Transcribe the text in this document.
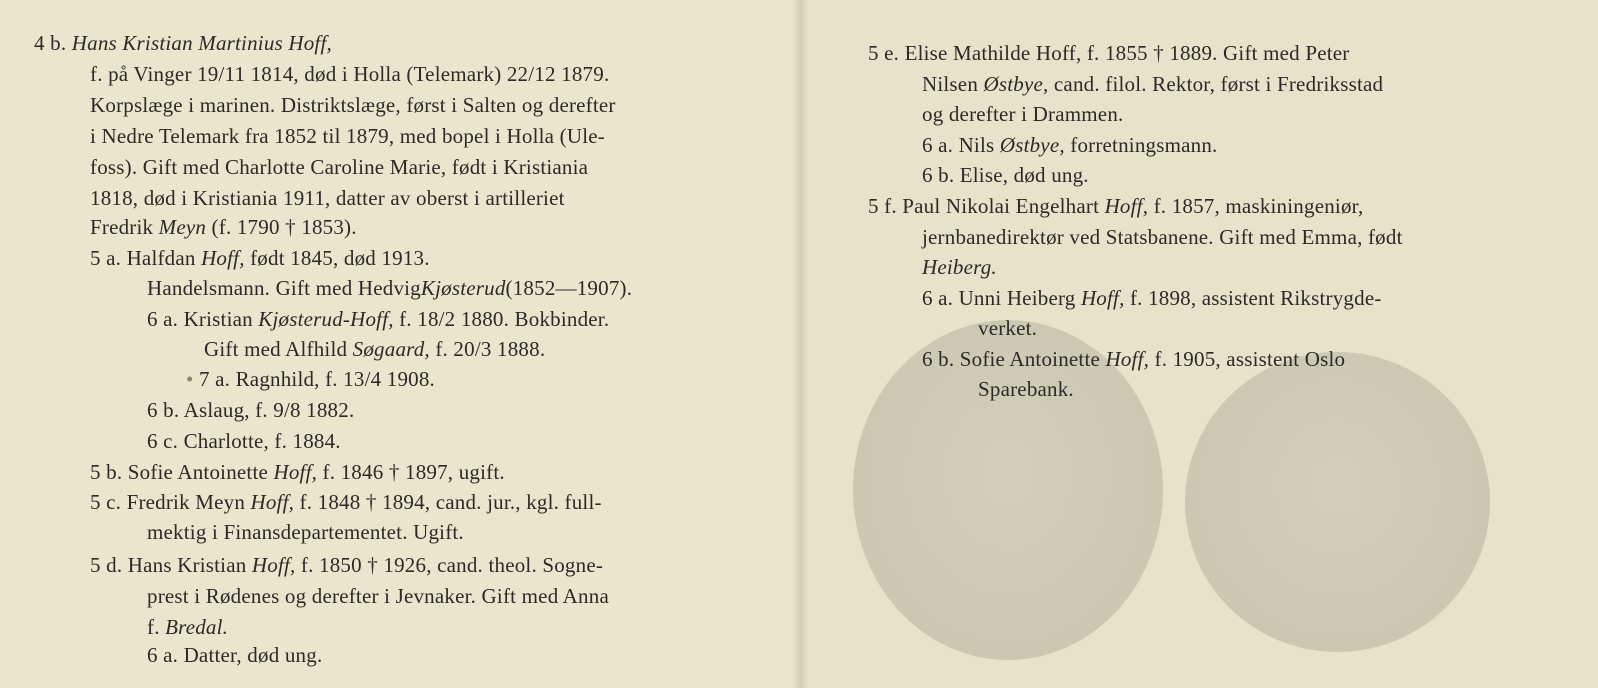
4 b. Hans Kristian Martinius Hoff,
f. på Vinger 19/11 1814, død i Holla (Telemark) 22/12 1879.
Korpslæge i marinen. Distriktslæge, først i Salten og derefter
i Nedre Telemark fra 1852 til 1879, med bopel i Holla (Ule-
foss). Gift med Charlotte Caroline Marie, født i Kristiania
1818, død i Kristiania 1911, datter av oberst i artilleriet
Fredrik Meyn (f. 1790 † 1853).
5 a. Halfdan Hoff, født 1845, død 1913.
Handelsmann. Gift med HedvigKjøsterud(1852—1907).
6 a. Kristian Kjøsterud-Hoff, f. 18/2 1880. Bokbinder.
Gift med Alfhild Søgaard, f. 20/3 1888.
• 7 a. Ragnhild, f. 13/4 1908.
6 b. Aslaug, f. 9/8 1882.
6 c. Charlotte, f. 1884.
5 b. Sofie Antoinette Hoff, f. 1846 † 1897, ugift.
5 c. Fredrik Meyn Hoff, f. 1848 † 1894, cand. jur., kgl. full-
mektig i Finansdepartementet. Ugift.
5 d. Hans Kristian Hoff, f. 1850 † 1926, cand. theol. Sogne-
prest i Rødenes og derefter i Jevnaker. Gift med Anna
f. Bredal.
6 a. Datter, død ung.
5 e. Elise Mathilde Hoff, f. 1855 † 1889. Gift med Peter
Nilsen Østbye, cand. filol. Rektor, først i Fredriksstad
og derefter i Drammen.
6 a. Nils Østbye, forretningsmann.
6 b. Elise, død ung.
5 f. Paul Nikolai Engelhart Hoff, f. 1857, maskiningeniør,
jernbanedirektør ved Statsbanene. Gift med Emma, født
Heiberg.
6 a. Unni Heiberg Hoff, f. 1898, assistent Rikstrygde-
verket.
6 b. Sofie Antoinette Hoff, f. 1905, assistent Oslo
Sparebank.
